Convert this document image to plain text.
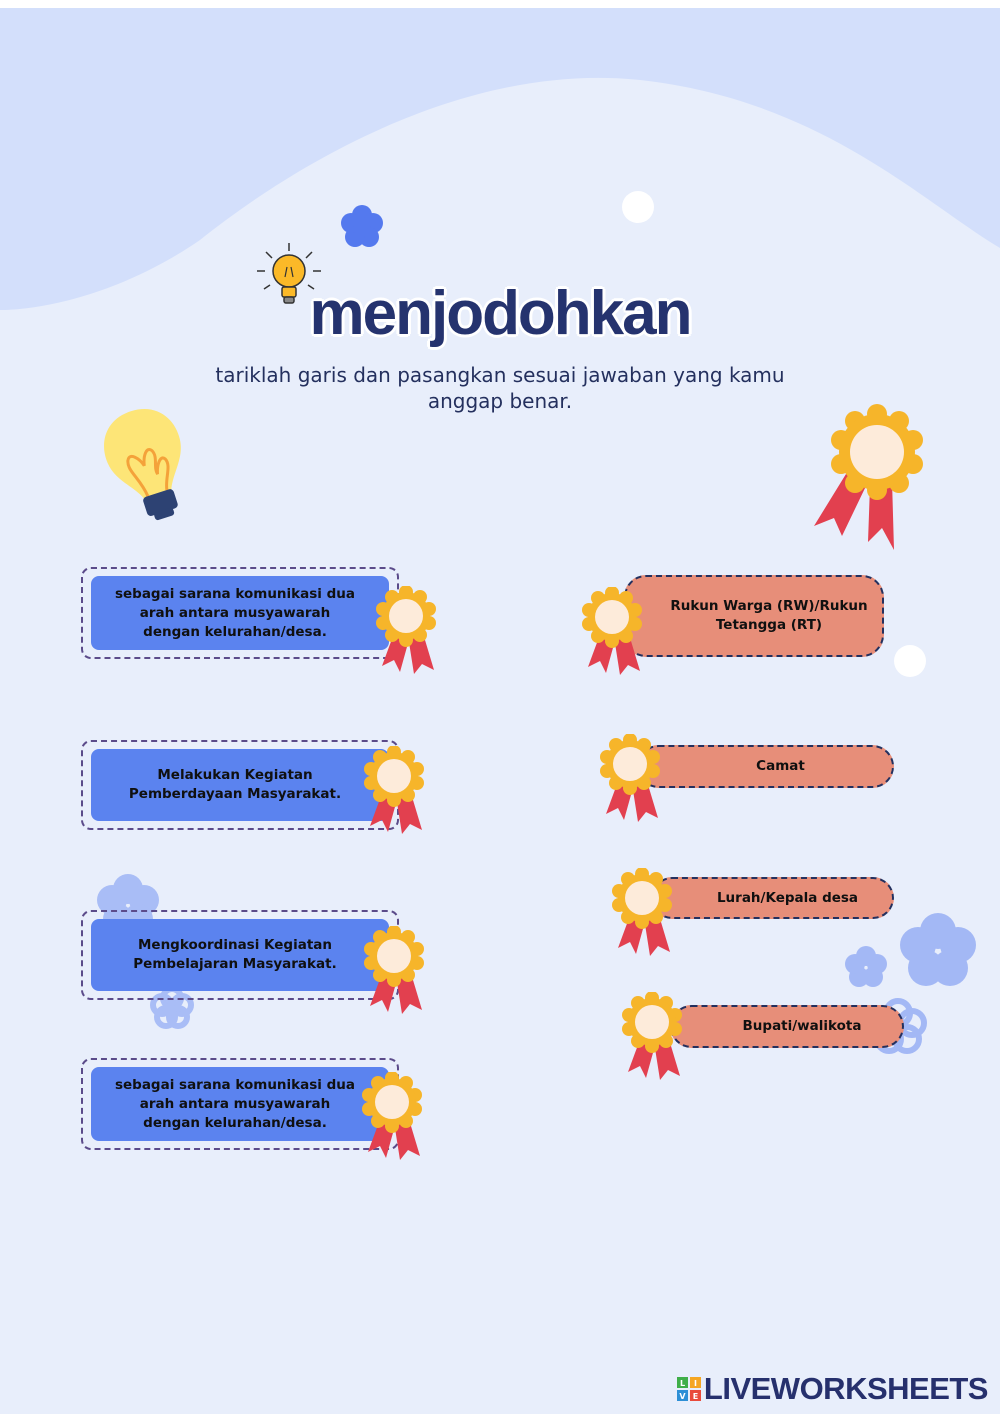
menjodohkan
tariklah garis dan pasangkan sesuai jawaban yang kamu anggap benar.
sebagai sarana komunikasi dua arah antara musyawarah dengan kelurahan/desa.
Melakukan Kegiatan Pemberdayaan Masyarakat.
Mengkoordinasi Kegiatan Pembelajaran Masyarakat.
sebagai sarana komunikasi dua arah antara musyawarah dengan kelurahan/desa.
Rukun Warga (RW)/Rukun Tetangga (RT)
Camat
Lurah/Kepala desa
Bupati/walikota
L I
V E LIVEWORKSHEETS
